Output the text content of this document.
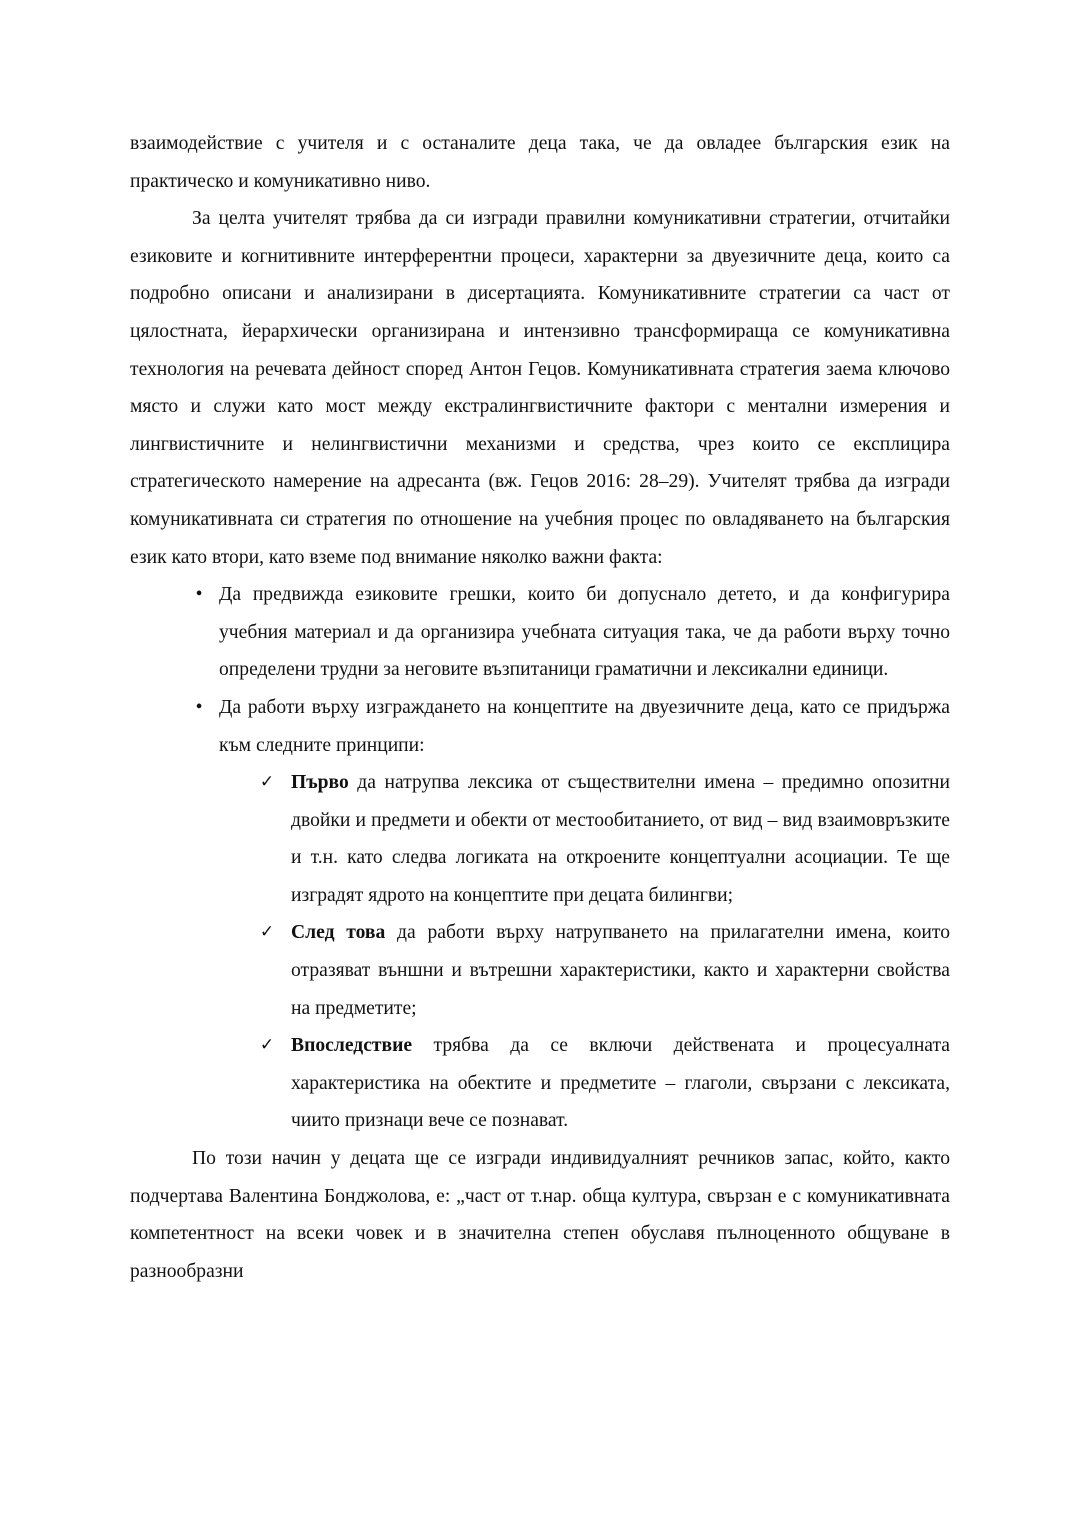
взаимодействие с учителя и с останалите деца така, че да овладее българския език на практическо и комуникативно ниво.

За целта учителят трябва да си изгради правилни комуникативни стратегии, отчитайки езиковите и когнитивните интерферентни процеси, характерни за двуезичните деца, които са подробно описани и анализирани в дисертацията. Комуникативните стратегии са част от цялостната, йерархически организирана и интензивно трансформираща се комуникативна технология на речевата дейност според Антон Гецов. Комуникативната стратегия заема ключово място и служи като мост между екстралингвистичните фактори с ментални измерения и лингвистичните и нелингвистични механизми и средства, чрез които се експлицира стратегическото намерение на адресанта (вж. Гецов 2016: 28–29). Учителят трябва да изгради комуникативната си стратегия по отношение на учебния процес по овладяването на българския език като втори, като вземе под внимание няколко важни факта:

• Да предвижда езиковите грешки, които би допуснало детето, и да конфигурира учебния материал и да организира учебната ситуация така, че да работи върху точно определени трудни за неговите възпитаници граматични и лексикални единици.
• Да работи върху изграждането на концептите на двуезичните деца, като се придържа към следните принципи:
✓ Първо да натрупва лексика от съществителни имена – предимно опозитни двойки и предмети и обекти от местообитанието, от вид – вид взаимовръзките и т.н. като следва логиката на откроените концептуални асоциации. Те ще изградят ядрото на концептите при децата билингви;
✓ След това да работи върху натрупването на прилагателни имена, които отразяват външни и вътрешни характеристики, както и характерни свойства на предметите;
✓ Впоследствие трябва да се включи действената и процесуалната характеристика на обектите и предметите – глаголи, свързани с лексиката, чиито признаци вече се познават.

По този начин у децата ще се изгради индивидуалният речников запас, който, както подчертава Валентина Бонджолова, е: „част от т.нар. обща култура, свързан е с комуникативната компетентност на всеки човек и в значителна степен обуславя пълноценното общуване в разнообразни
